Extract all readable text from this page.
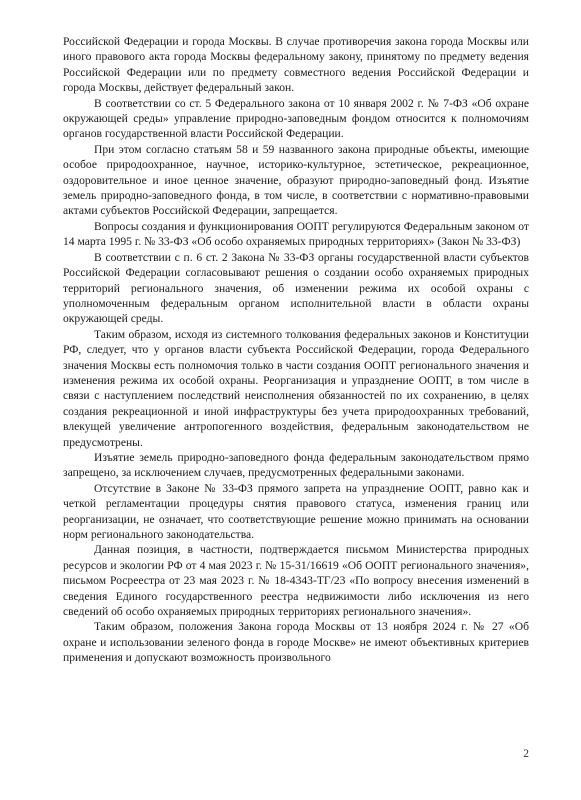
Российской Федерации и города Москвы. В случае противоречия закона города Москвы или иного правового акта города Москвы федеральному закону, принятому по предмету ведения Российской Федерации или по предмету совместного ведения Российской Федерации и города Москвы, действует федеральный закон.

В соответствии со ст. 5 Федерального закона от 10 января 2002 г. № 7-ФЗ «Об охране окружающей среды» управление природно-заповедным фондом относится к полномочиям органов государственной власти Российской Федерации.

При этом согласно статьям 58 и 59 названного закона природные объекты, имеющие особое природоохранное, научное, историко-культурное, эстетическое, рекреационное, оздоровительное и иное ценное значение, образуют природно-заповедный фонд. Изъятие земель природно-заповедного фонда, в том числе, в соответствии с нормативно-правовыми актами субъектов Российской Федерации, запрещается.

Вопросы создания и функционирования ООПТ регулируются Федеральным законом от 14 марта 1995 г. № 33-ФЗ «Об особо охраняемых природных территориях» (Закон № 33-ФЗ)

В соответствии с п. 6 ст. 2 Закона № 33-ФЗ органы государственной власти субъектов Российской Федерации согласовывают решения о создании особо охраняемых природных территорий регионального значения, об изменении режима их особой охраны с уполномоченным федеральным органом исполнительной власти в области охраны окружающей среды.

Таким образом, исходя из системного толкования федеральных законов и Конституции РФ, следует, что у органов власти субъекта Российской Федерации, города Федерального значения Москвы есть полномочия только в части создания ООПТ регионального значения и изменения режима их особой охраны. Реорганизация и упразднение ООПТ, в том числе в связи с наступлением последствий неисполнения обязанностей по их сохранению, в целях создания рекреационной и иной инфраструктуры без учета природоохранных требований, влекущей увеличение антропогенного воздействия, федеральным законодательством не предусмотрены.

Изъятие земель природно-заповедного фонда федеральным законодательством прямо запрещено, за исключением случаев, предусмотренных федеральными законами.

Отсутствие в Законе № 33-ФЗ прямого запрета на упразднение ООПТ, равно как и четкой регламентации процедуры снятия правового статуса, изменения границ или реорганизации, не означает, что соответствующие решение можно принимать на основании норм регионального законодательства.

Данная позиция, в частности, подтверждается письмом Министерства природных ресурсов и экологии РФ от 4 мая 2023 г. № 15-31/16619 «Об ООПТ регионального значения», письмом Росреестра от 23 мая 2023 г. № 18-4343-ТГ/23 «По вопросу внесения изменений в сведения Единого государственного реестра недвижимости либо исключения из него сведений об особо охраняемых природных территориях регионального значения».

Таким образом, положения Закона города Москвы от 13 ноября 2024 г. № 27 «Об охране и использовании зеленого фонда в городе Москве» не имеют объективных критериев применения и допускают возможность произвольного

2
